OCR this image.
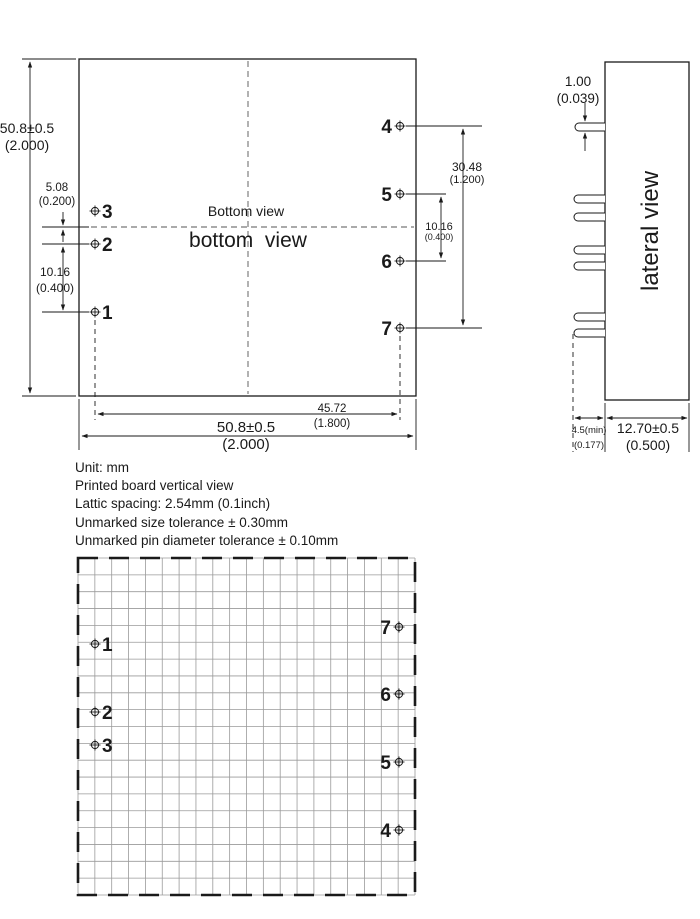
Bottom view
bottom  view
3
2
1
4
5
6
7
50.8±0.5
(2.000)
5.08
(0.200)
10.16
(0.400)
30.48
(1.200)
10.16
(0.400)
45.72
(1.800)
50.8±0.5
(2.000)
lateral view
1.00
(0.039)
4.5(min)
(0.177)
12.70±0.5
(0.500)
1
2
3
7
6
5
4
Unit: mm
Printed board vertical view
Lattic spacing: 2.54mm (0.1inch)
Unmarked size tolerance ± 0.30mm
Unmarked pin diameter tolerance ± 0.10mm
